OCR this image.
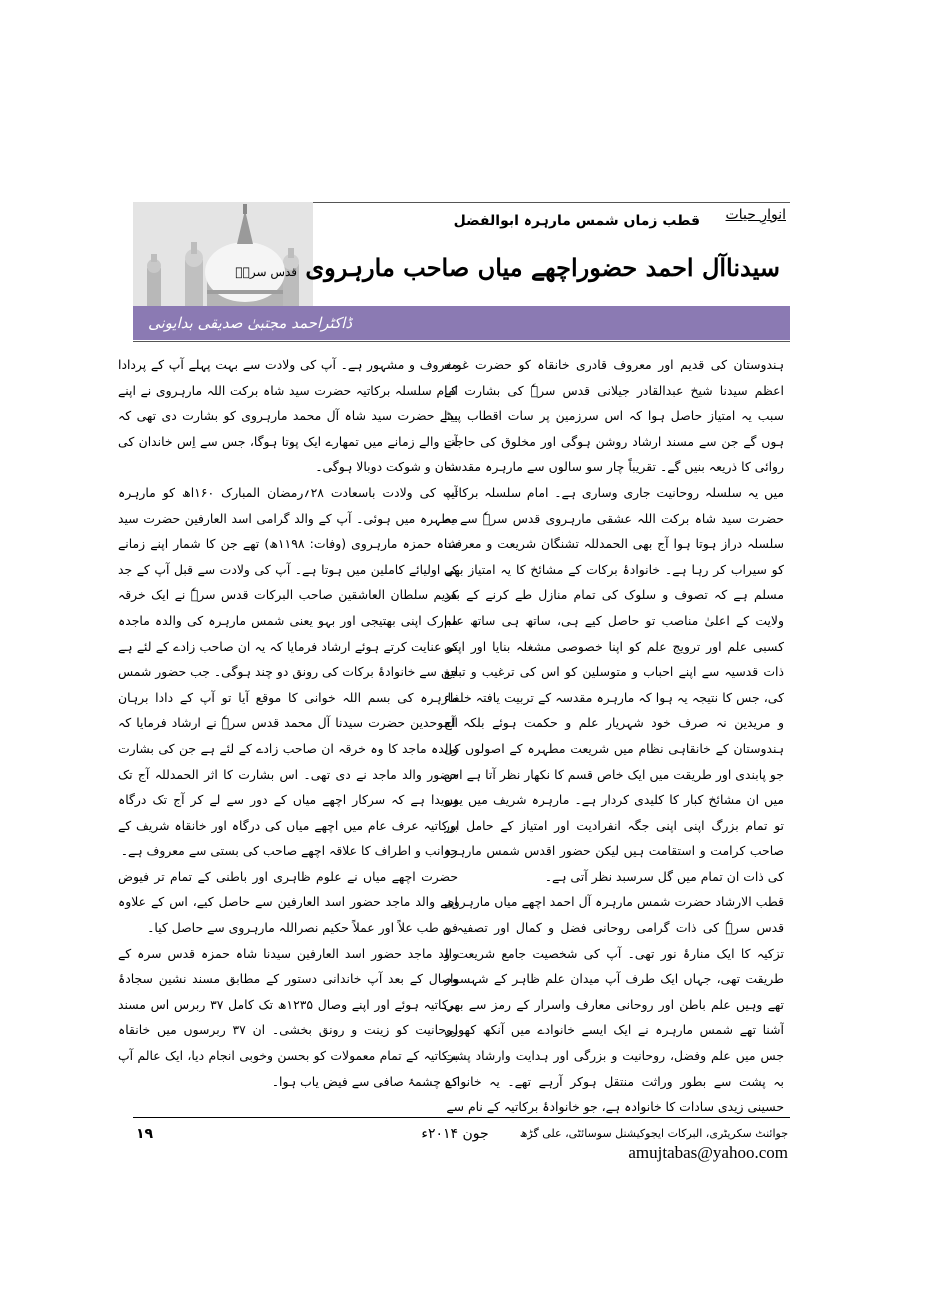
ڈاکٹراحمد مجتبیٰ صدیقی بدایونی
انوارِ حیات
قطب زماں شمس مارہرہ ابوالفضل
سیدناآل احمد حضوراچھے میاں صاحب مارہروی قدس سرہٗ

ہندوستان کی قدیم اور معروف قادری خانقاہ کو حضرت غوث اعظم سیدنا شیخ عبدالقادر جیلانی قدس سرہٗ کی بشارت کے سبب یہ امتیاز حاصل ہوا کہ اس سرزمین پر سات اقطاب پیدا ہوں گے جن سے مسند ارشاد روشن ہوگی اور مخلوق کی حاجت روائی کا ذریعہ بنیں گے۔ تقریباً چار سو سالوں سے مارہرہ مقدسہ میں یہ سلسلہ روحانیت جاری وساری ہے۔ امام سلسلہ برکاتیہ حضرت سید شاہ برکت اللہ عشقی مارہروی قدس سرہٗ سے یہ سلسلہ دراز ہوتا ہوا آج بھی الحمدللہ تشنگان شریعت و معرفت کو سیراب کر رہا ہے۔ خانوادۂ برکات کے مشائخ کا یہ امتیاز بھی مسلم ہے کہ تصوف و سلوک کی تمام منازل طے کرنے کے بعد ولایت کے اعلیٰ مناصب تو حاصل کیے ہی، ساتھ ہی ساتھ علم کسبی علم اور ترویج علم کو اپنا خصوصی مشغلہ بنایا اور اپنی ذات قدسیہ سے اپنے احباب و متوسلین کو اس کی ترغیب و تبلیغ کی، جس کا نتیجہ یہ ہوا کہ مارہرہ مقدسہ کے تربیت یافتہ خلفاء و مریدین نہ صرف خود شہریار علم و حکمت ہوئے بلکہ آج ہندوستان کے خانقاہی نظام میں شریعت مطہرہ کے اصولوں کی جو پابندی اور طریقت میں ایک خاص قسم کا نکھار نظر آتا ہے اس میں ان مشائخ کبار کا کلیدی کردار ہے۔ مارہرہ شریف میں یوں تو تمام بزرگ اپنی اپنی جگہ انفرادیت اور امتیاز کے حامل اور صاحب کرامت و استقامت ہیں لیکن حضور اقدس شمس مارہرہ کی ذات ان تمام میں گل سرسبد نظر آتی ہے۔

قطب الارشاد حضرت شمس مارہرہ آل احمد اچھے میاں مارہروی قدس سرہٗ کی ذات گرامی روحانی فضل و کمال اور تصفیہ و تزکیہ کا ایک منارۂ نور تھی۔ آپ کی شخصیت جامع شریعت و طریقت تھی، جہاں ایک طرف آپ میدان علم ظاہر کے شہسوار تھے وہیں علم باطن اور روحانی معارف واسرار کے رمز سے بھی آشنا تھے شمس مارہرہ نے ایک ایسے خانوادے میں آنکھ کھولی جس میں علم وفضل، روحانیت و بزرگی اور ہدایت وارشاد پشت بہ پشت سے بطور وراثت منتقل ہوکر آرہے تھے۔ یہ خانوادہ حسینی زیدی سادات کا خانوادہ ہے، جو خانوادۂ برکاتیہ کے نام سے

معروف و مشہور ہے۔ آپ کی ولادت سے بہت پہلے آپ کے پردادا امام سلسلہ برکاتیہ حضرت سید شاہ برکت اللہ مارہروی نے اپنے بیٹے حضرت سید شاہ آل محمد مارہروی کو بشارت دی تھی کہ آنے والے زمانے میں تمھارے ایک پوتا ہوگا، جس سے اِس خاندان کی شان و شوکت دوبالا ہوگی۔

آپ کی ولادت باسعادت ۲۸؍رمضان المبارک ۱۶۰اھ کو مارہرہ مطہرہ میں ہوئی۔ آپ کے والد گرامی اسد العارفین حضرت سید شاہ حمزہ مارہروی (وفات: ۱۱۹۸ھ) تھے جن کا شمار اپنے زمانے کے اولیائے کاملین میں ہوتا ہے۔ آپ کی ولادت سے قبل آپ کے جد کریم سلطان العاشقین صاحب البرکات قدس سرہٗ نے ایک خرقہ مبارک اپنی بھتیجی اور بہو یعنی شمس مارہرہ کی والدہ ماجدہ کو عنایت کرتے ہوئے ارشاد فرمایا کہ یہ ان صاحب زادے کے لئے ہے جن سے خانوادۂ برکات کی رونق دو چند ہوگی۔ جب حضور شمس مارہرہ کی بسم اللہ خوانی کا موقع آیا تو آپ کے دادا برہان الموحدین حضرت سیدنا آل محمد قدس سرہٗ نے ارشاد فرمایا کہ والدہ ماجد کا وہ خرقہ ان صاحب زادے کے لئے ہے جن کی بشارت حضور والد ماجد نے دی تھی۔ اس بشارت کا اثر الحمدللہ آج تک ہویدا ہے کہ سرکار اچھے میاں کے دور سے لے کر آج تک درگاہ برکاتیہ عرف عام میں اچھے میاں کی درگاہ اور خانقاہ شریف کے جوانب و اطراف کا علاقہ اچھے صاحب کی بستی سے معروف ہے۔

حضرت اچھے میاں نے علوم ظاہری اور باطنی کے تمام تر فیوض اپنے والد ماجد حضور اسد العارفین سے حاصل کیے، اس کے علاوہ فن طب علاً اور عملاً حکیم نصراللہ مارہروی سے حاصل کیا۔

والد ماجد حضور اسد العارفین سیدنا شاہ حمزہ قدس سرہ کے وصال کے بعد آپ خاندانی دستور کے مطابق مسند نشین سجادۂ برکاتیہ ہوئے اور اپنے وصال ۱۲۳۵ھ تک کامل ۳۷ ربرس اس مسند روحانیت کو زینت و رونق بخشی۔ ان ۳۷ ربرسوں میں خانقاہ برکاتیہ کے تمام معمولات کو بحسن وخوبی انجام دیا، ایک عالم آپ کے چشمۂ صافی سے فیض یاب ہوا۔

۱۹	جون ۲۰۱۴ء	جوائنٹ سکریٹری، البرکات ایجوکیشنل سوسائٹی، علی گڑھ
amujtabas@yahoo.com
